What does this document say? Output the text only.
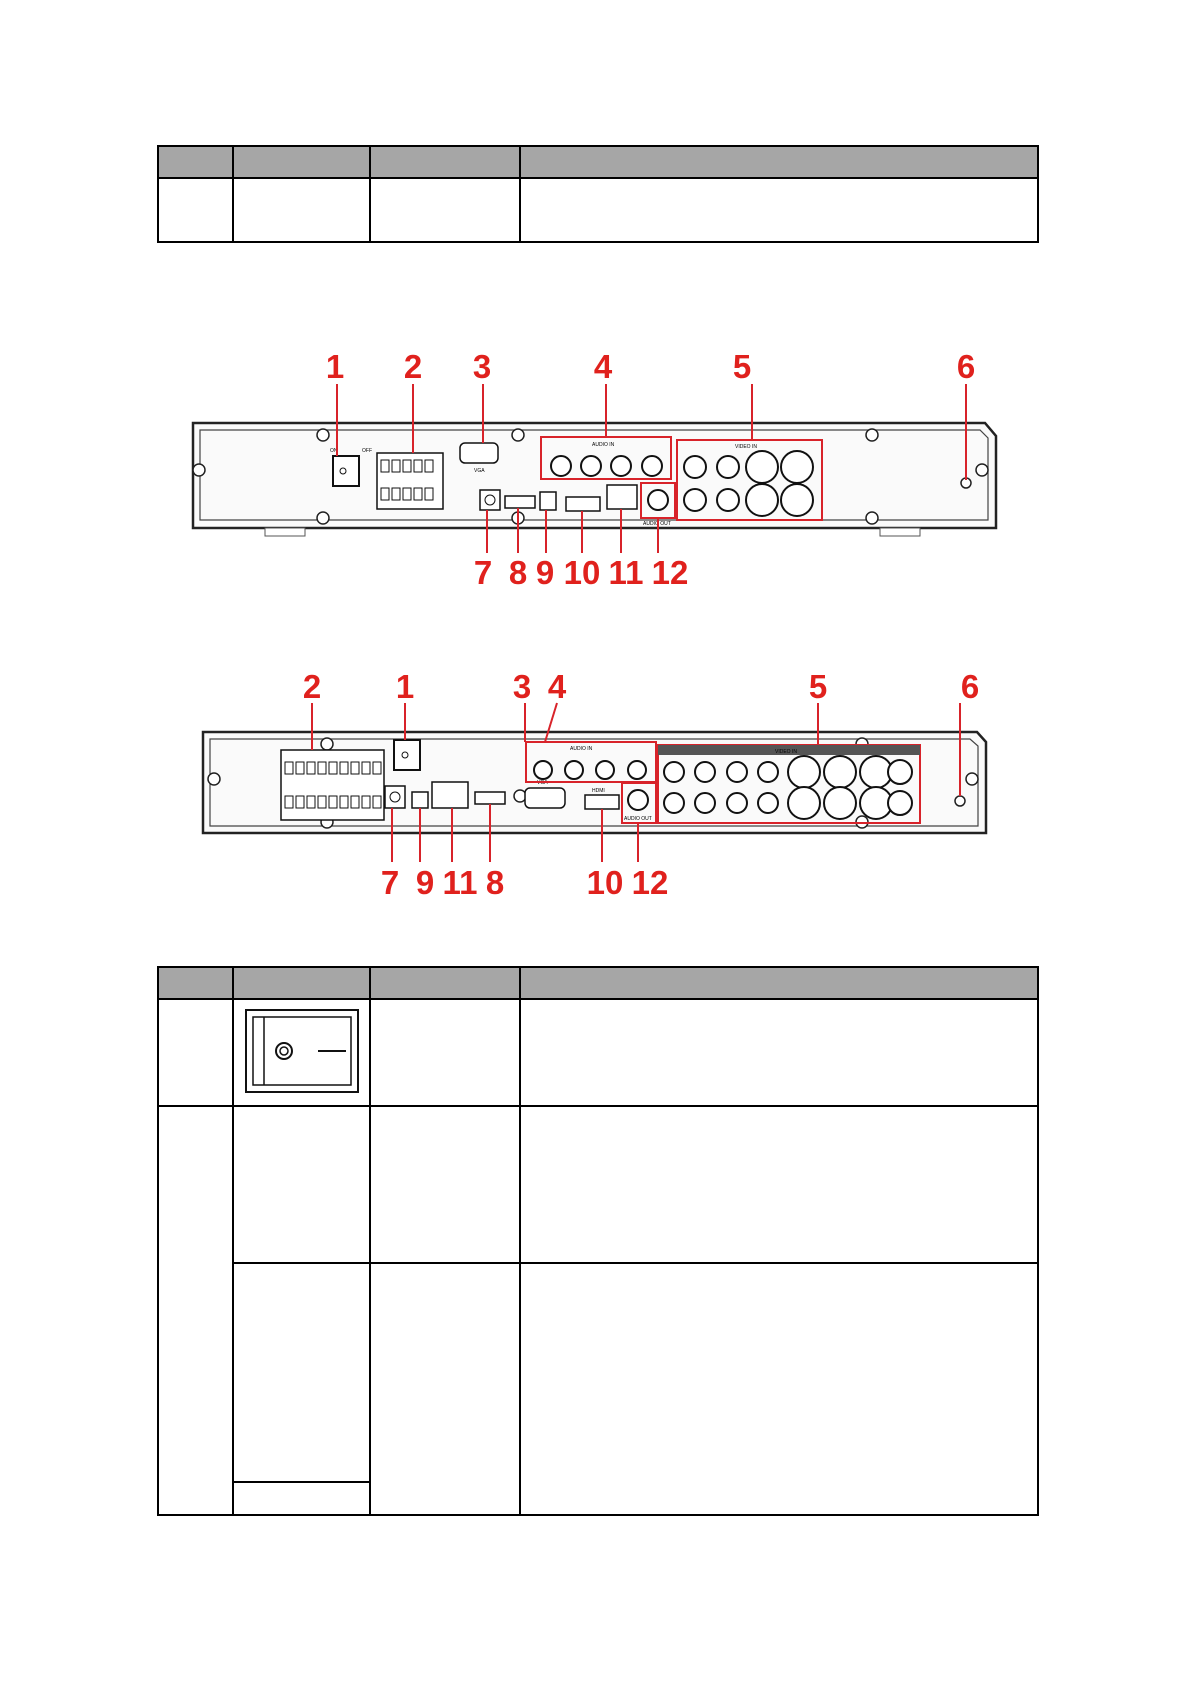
ON	OFF
VGA
AUDIO IN
AUDIO OUT
VIDEO IN
1 2 3	4	5	6
7 8 9 10 11 12
VGA
HDMI
AUDIO IN
AUDIO OUT
VIDEO IN
2 1	3 4	5	6
7 9 11 8 10 12
